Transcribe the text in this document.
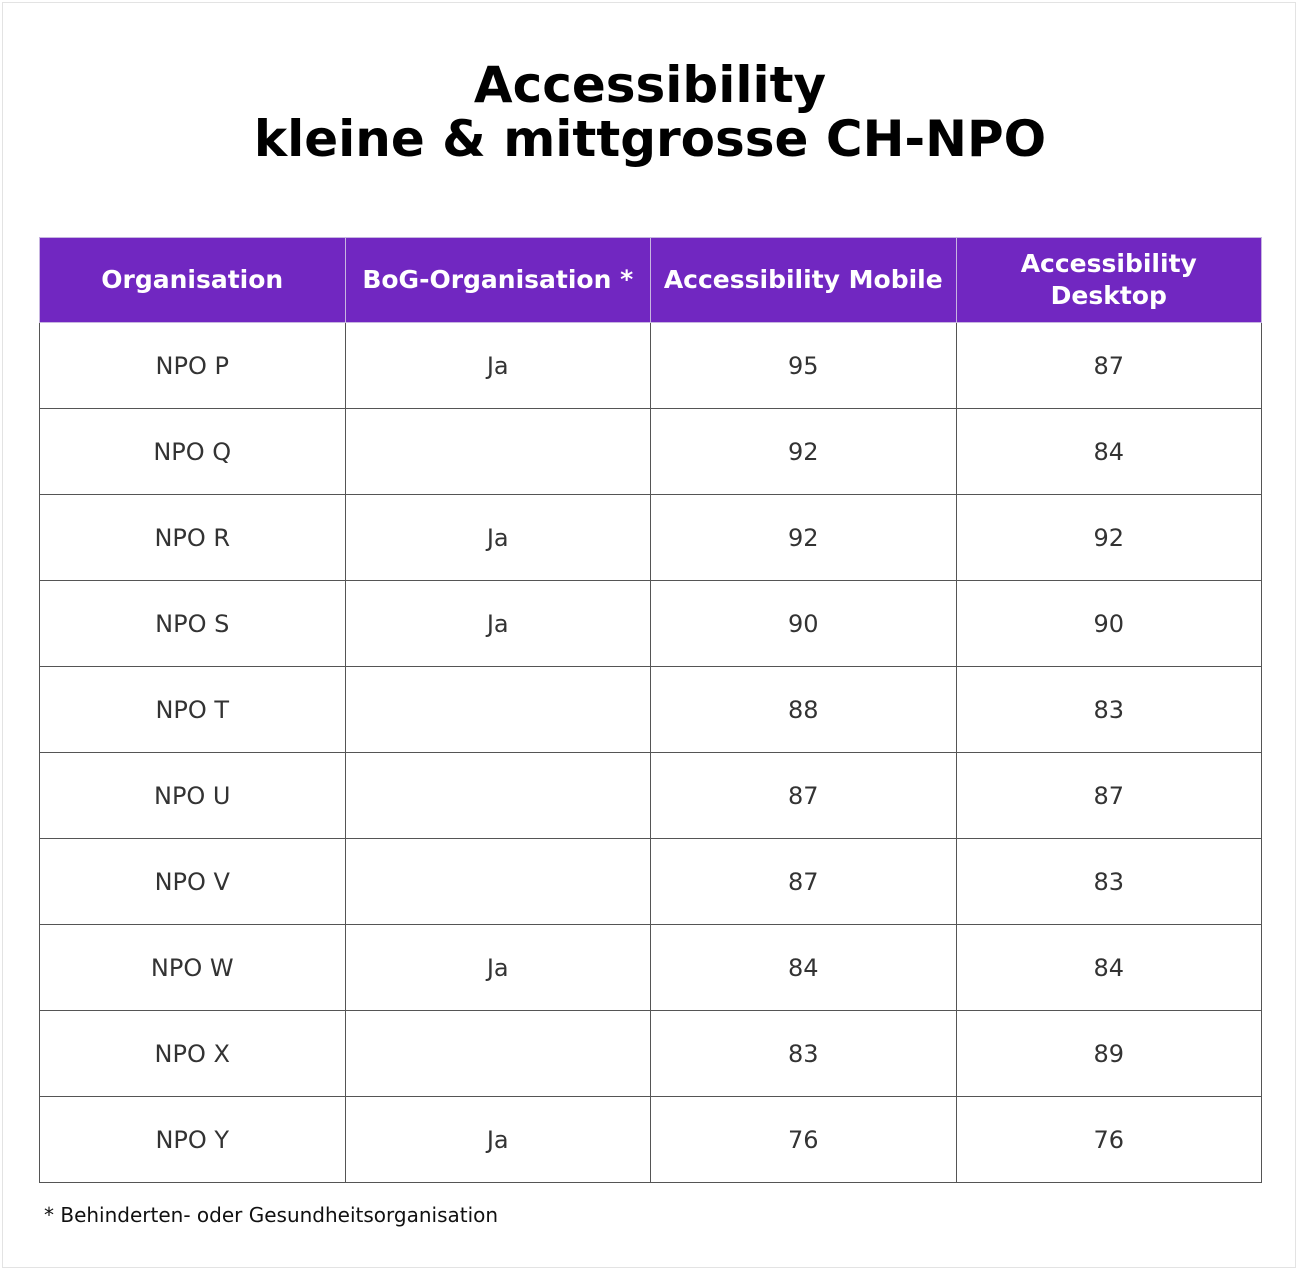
Accessibility
kleine & mittgrosse CH-NPO
Organisation	BoG-Organisation *	Accessibility Mobile	Accessibility Desktop
NPO P	Ja	95	87
NPO Q		92	84
NPO R	Ja	92	92
NPO S	Ja	90	90
NPO T		88	83
NPO U		87	87
NPO V		87	83
NPO W	Ja	84	84
NPO X		83	89
NPO Y	Ja	76	76
* Behinderten- oder Gesundheitsorganisation
